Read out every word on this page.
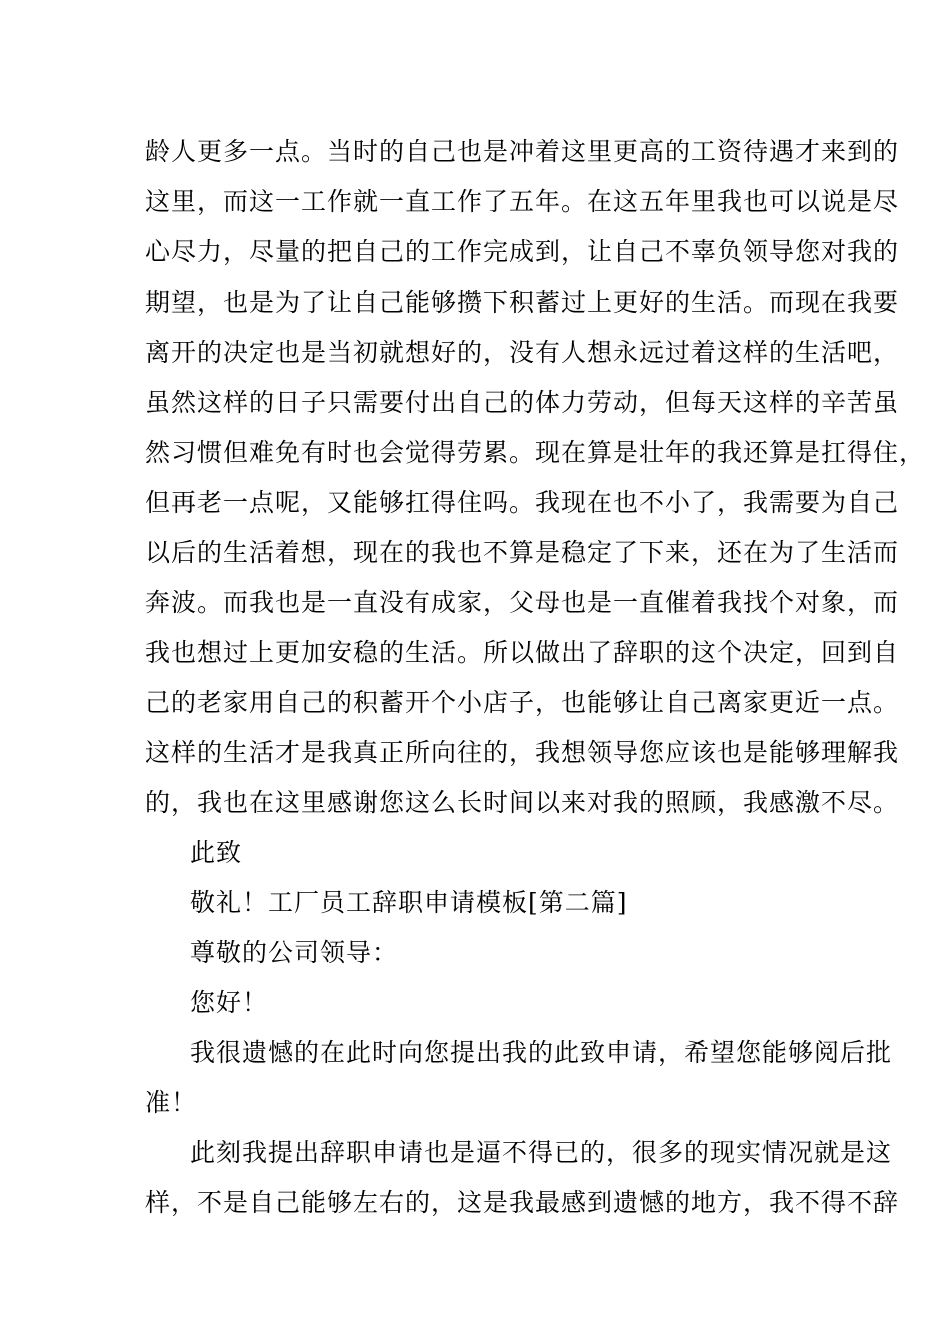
龄人更多一点。当时的自己也是冲着这里更高的工资待遇才来到的
这里，而这一工作就一直工作了五年。在这五年里我也可以说是尽
心尽力，尽量的把自己的工作完成到，让自己不辜负领导您对我的
期望，也是为了让自己能够攒下积蓄过上更好的生活。而现在我要
离开的决定也是当初就想好的，没有人想永远过着这样的生活吧，
虽然这样的日子只需要付出自己的体力劳动，但每天这样的辛苦虽
然习惯但难免有时也会觉得劳累。现在算是壮年的我还算是扛得住，
但再老一点呢，又能够扛得住吗。我现在也不小了，我需要为自己
以后的生活着想，现在的我也不算是稳定了下来，还在为了生活而
奔波。而我也是一直没有成家，父母也是一直催着我找个对象，而
我也想过上更加安稳的生活。所以做出了辞职的这个决定，回到自
己的老家用自己的积蓄开个小店子，也能够让自己离家更近一点。
这样的生活才是我真正所向往的，我想领导您应该也是能够理解我
的，我也在这里感谢您这么长时间以来对我的照顾，我感激不尽。
此致
敬礼！工厂员工辞职申请模板[第二篇]
尊敬的公司领导：
您好！
我很遗憾的在此时向您提出我的此致申请，希望您能够阅后批
准！
此刻我提出辞职申请也是逼不得已的，很多的现实情况就是这
样，不是自己能够左右的，这是我最感到遗憾的地方，我不得不辞
